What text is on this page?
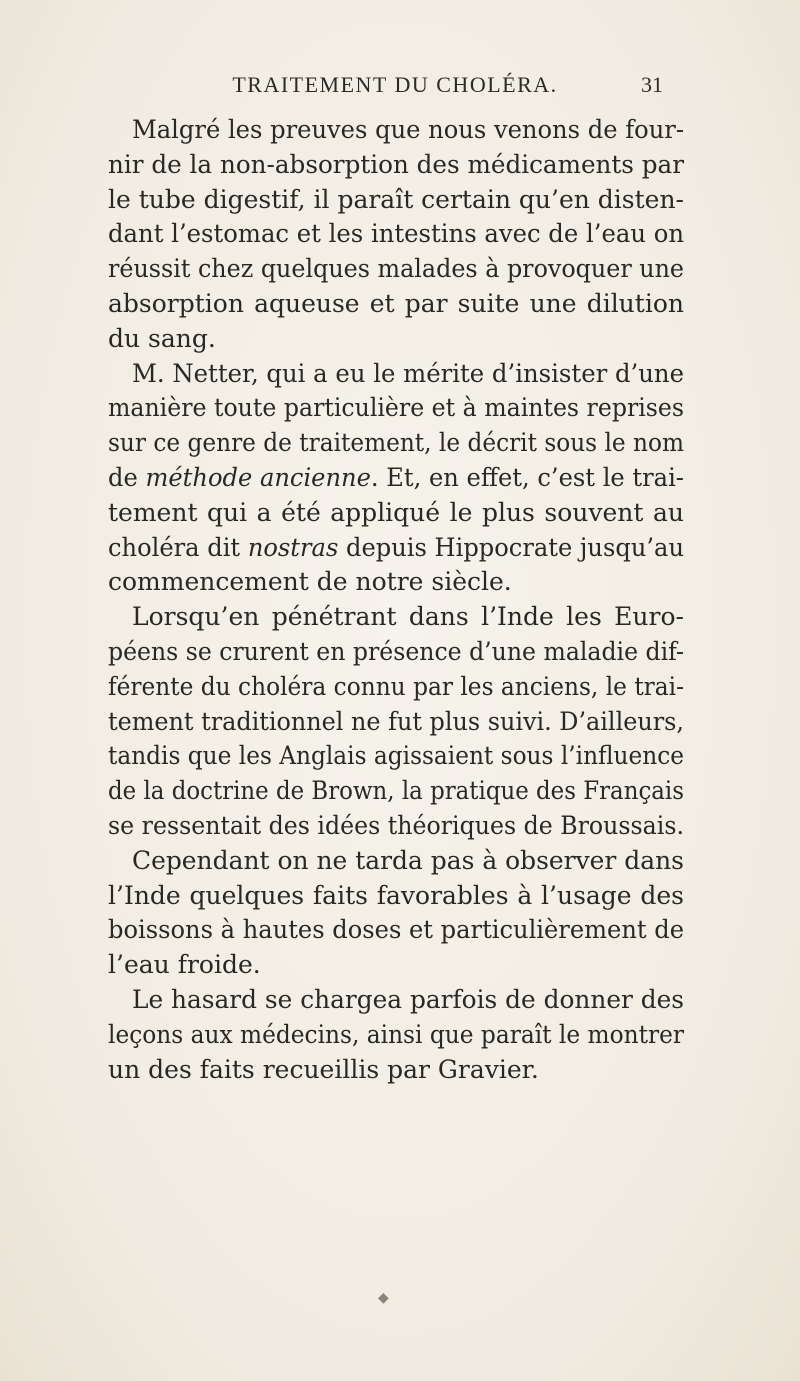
TRAITEMENT DU CHOLÉRA.	31
Malgré les preuves que nous venons de four-
nir de la non-absorption des médicaments par
le tube digestif, il paraît certain qu’en disten-
dant l’estomac et les intestins avec de l’eau on
réussit chez quelques malades à provoquer une
absorption aqueuse et par suite une dilution
du sang.
M. Netter, qui a eu le mérite d’insister d’une
manière toute particulière et à maintes reprises
sur ce genre de traitement, le décrit sous le nom
de méthode ancienne. Et, en effet, c’est le trai-
tement qui a été appliqué le plus souvent au
choléra dit nostras depuis Hippocrate jusqu’au
commencement de notre siècle.
Lorsqu’en pénétrant dans l’Inde les Euro-
péens se crurent en présence d’une maladie dif-
férente du choléra connu par les anciens, le trai-
tement traditionnel ne fut plus suivi. D’ailleurs,
tandis que les Anglais agissaient sous l’influence
de la doctrine de Brown, la pratique des Français
se ressentait des idées théoriques de Broussais.
Cependant on ne tarda pas à observer dans
l’Inde quelques faits favorables à l’usage des
boissons à hautes doses et particulièrement de
l’eau froide.
Le hasard se chargea parfois de donner des
leçons aux médecins, ainsi que paraît le montrer
un des faits recueillis par Gravier.
◆
